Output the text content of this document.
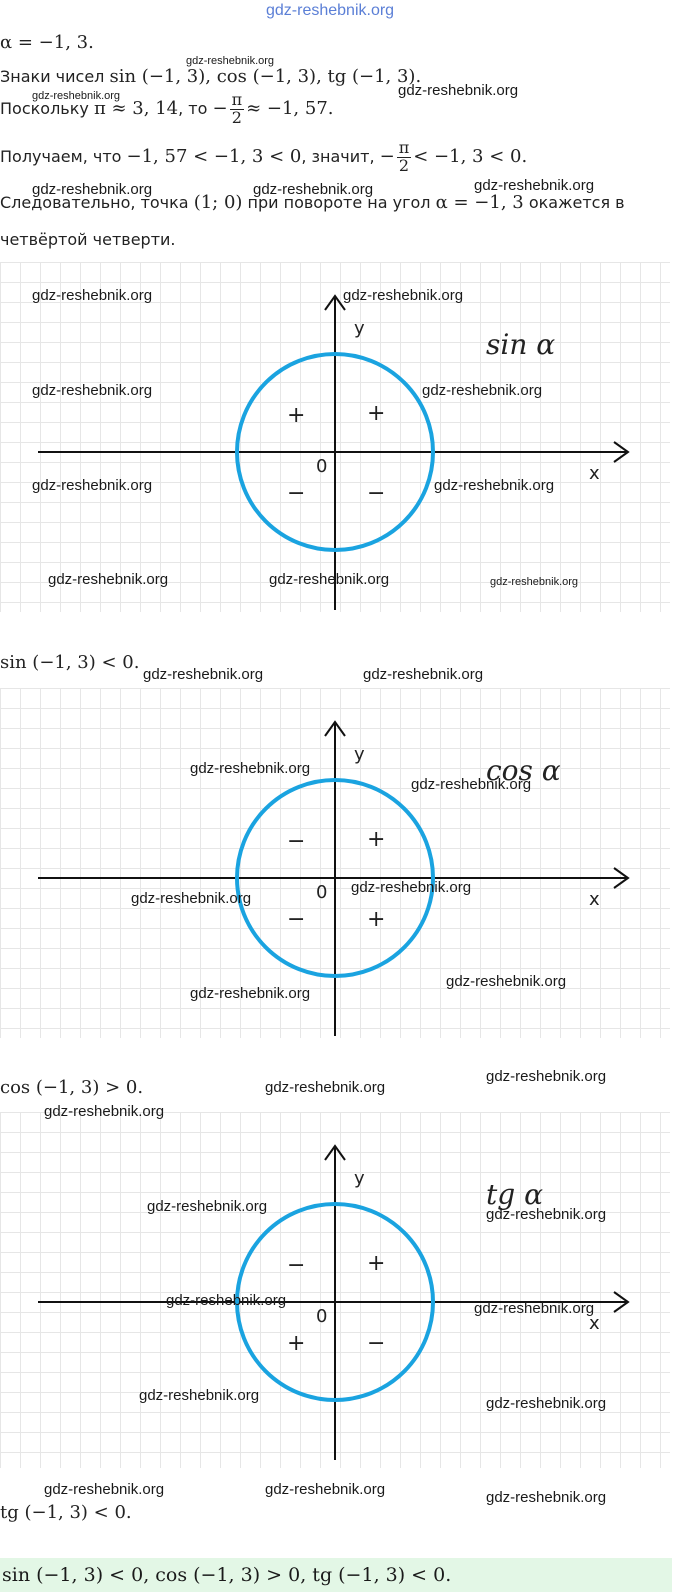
gdz-reshebnik.org
α = −1, 3.
Знаки чисел sin (−1, 3), cos (−1, 3), tg (−1, 3).
Поскольку π ≈ 3, 14, то − $\frac{\pi}{2} \approx -1$, 57.
Получаем, что −1, 57 < −1, 3 < 0, значит, − $\frac{\pi}{2} < -1$, 3 < 0.
Следовательно, точка (1; 0) при повороте на угол α = −1, 3 окажется в
четвёртой четверти.
y
x
0
sin α
+	+
−	−
sin (−1, 3) < 0.
y
x
0
cos α
−	+
−	+
cos (−1, 3) > 0.
y
x
0
tg α
−	+
+	−
tg (−1, 3) < 0.
sin (−1, 3) < 0, cos (−1, 3) > 0, tg (−1, 3) < 0.
gdz-reshebnik.org
gdz-reshebnik.org	gdz-reshebnik.org
gdz-reshebnik.org	gdz-reshebnik.org	gdz-reshebnik.org
gdz-reshebnik.org	gdz-reshebnik.org
gdz-reshebnik.org	gdz-reshebnik.org
gdz-reshebnik.org	gdz-reshebnik.org
gdz-reshebnik.org	gdz-reshebnik.org	gdz-reshebnik.org
gdz-reshebnik.org	gdz-reshebnik.org
gdz-reshebnik.org
gdz-reshebnik.org
gdz-reshebnik.org
gdz-reshebnik.org
gdz-reshebnik.org
gdz-reshebnik.org
gdz-reshebnik.org
gdz-reshebnik.org
gdz-reshebnik.org
gdz-reshebnik.org	gdz-reshebnik.org
gdz-reshebnik.org	gdz-reshebnik.org
gdz-reshebnik.org	gdz-reshebnik.org
gdz-reshebnik.org	gdz-reshebnik.org	gdz-reshebnik.org
